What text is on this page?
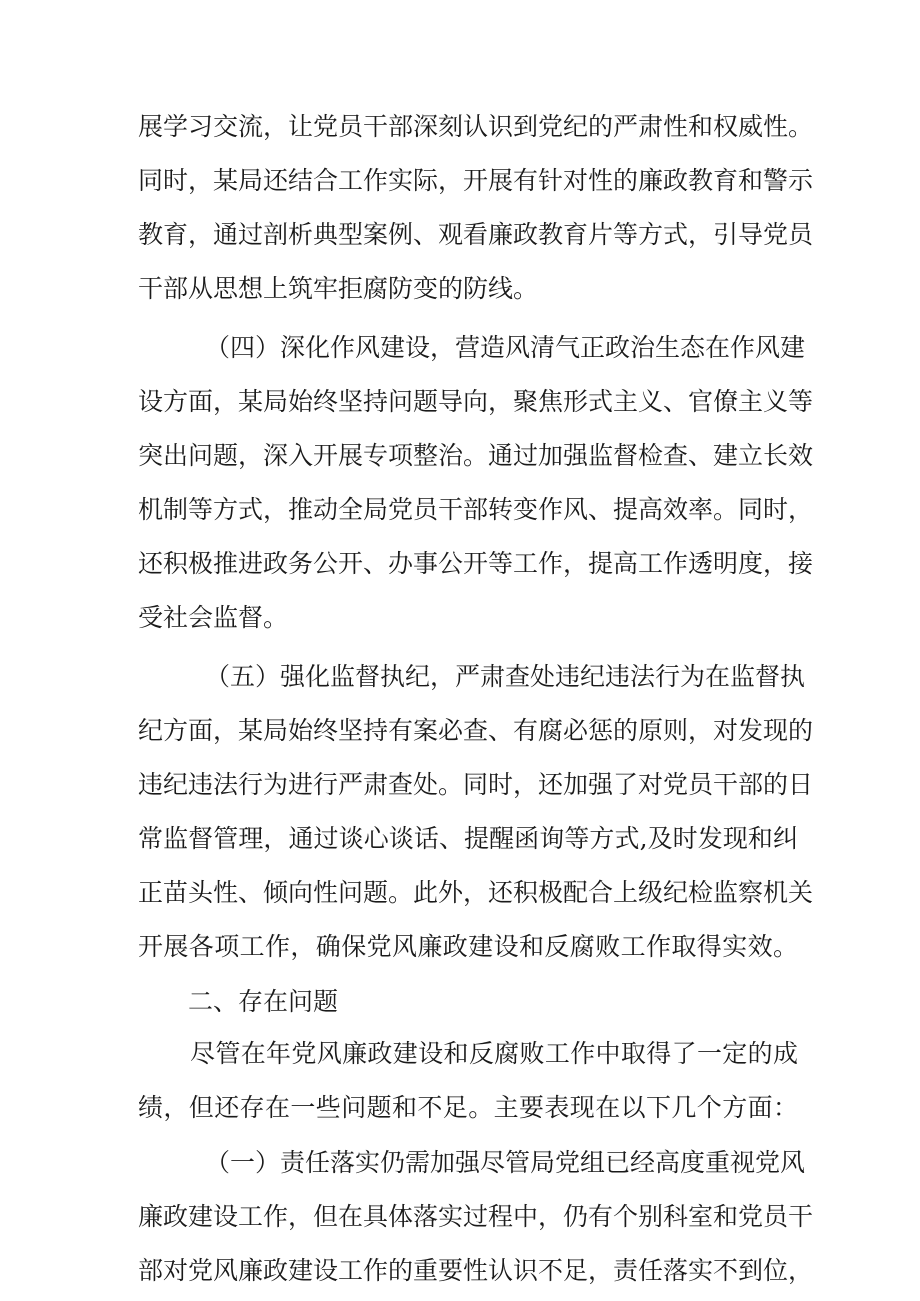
展学习交流，让党员干部深刻认识到党纪的严肃性和权威性。
同时，某局还结合工作实际，开展有针对性的廉政教育和警示
教育，通过剖析典型案例、观看廉政教育片等方式，引导党员
干部从思想上筑牢拒腐防变的防线。
（四）深化作风建设，营造风清气正政治生态在作风建
设方面，某局始终坚持问题导向，聚焦形式主义、官僚主义等
突出问题，深入开展专项整治。通过加强监督检查、建立长效
机制等方式，推动全局党员干部转变作风、提高效率。同时，
还积极推进政务公开、办事公开等工作，提高工作透明度，接
受社会监督。
（五）强化监督执纪，严肃查处违纪违法行为在监督执
纪方面，某局始终坚持有案必查、有腐必惩的原则，对发现的
违纪违法行为进行严肃查处。同时，还加强了对党员干部的日
常监督管理，通过谈心谈话、提醒函询等方式,及时发现和纠
正苗头性、倾向性问题。此外，还积极配合上级纪检监察机关
开展各项工作，确保党风廉政建设和反腐败工作取得实效。
二、存在问题
尽管在年党风廉政建设和反腐败工作中取得了一定的成
绩，但还存在一些问题和不足。主要表现在以下几个方面：
（一）责任落实仍需加强尽管局党组已经高度重视党风
廉政建设工作，但在具体落实过程中，仍有个别科室和党员干
部对党风廉政建设工作的重要性认识不足，责任落实不到位，
